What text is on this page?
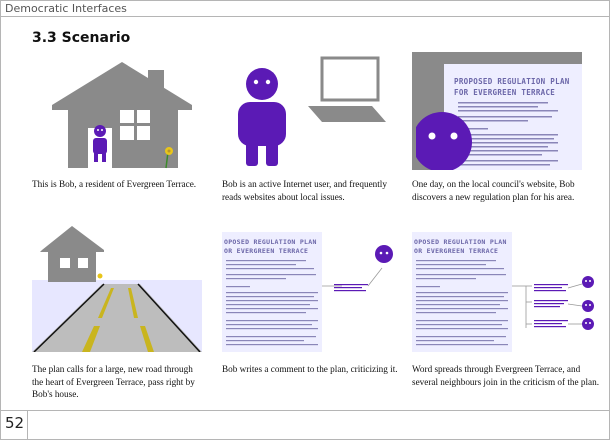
Democratic Interfaces
3.3 Scenario
This is Bob, a resident of Evergreen Terrace.	Bob is an active Internet user, and frequently reads websites about local issues.
PROPOSED REGULATION PLAN
FOR EVERGREEN TERRACE
One day, on the local council's website, Bob discovers a new regulation plan for his area.
The plan calls for a large, new road through the heart of Evergreen Terrace, pass right by Bob's house.
OPOSED REGULATION PLAN
OR EVERGREEN TERRACE
Bob writes a comment to the plan, criticizing it.
OPOSED REGULATION PLAN
OR EVERGREEN TERRACE
Word spreads through Evergreen Terrace, and several neighbours join in the criticism of the plan.
52
